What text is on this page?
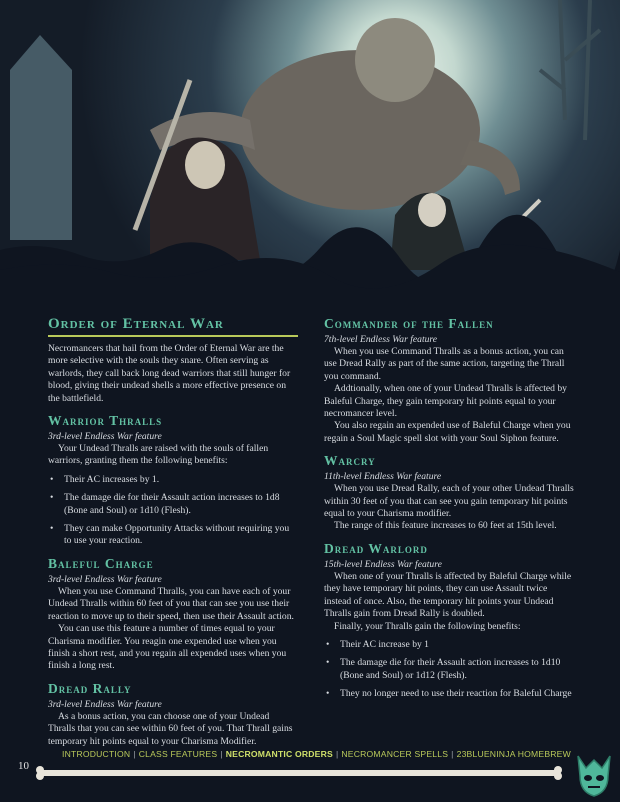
Order of Eternal War

Necromancers that hail from the Order of Eternal War are the more selective with the souls they snare. Often serving as warlords, they call back long dead warriors that still hunger for blood, giving their undead shells a more effective presence on the battlefield.

Warrior Thralls

3rd-level Endless War feature

Your Undead Thralls are raised with the souls of fallen warriors, granting them the following benefits:

• Their AC increases by 1.
• The damage die for their Assault action increases to 1d8 (Bone and Soul) or 1d10 (Flesh).
• They can make Opportunity Attacks without requiring you to use your reaction.
Baleful Charge

3rd-level Endless War feature

When you use Command Thralls, you can have each of your Undead Thralls within 60 feet of you that can see you use their reaction to move up to their speed, then use their Assault action.

You can use this feature a number of times equal to your Charisma modifier. You reagin one expended use when you finish a short rest, and you regain all expended uses when you finish a long rest.

Dread Rally

3rd-level Endless War feature

As a bonus action, you can choose one of your Undead Thralls that you can see within 60 feet of you. That Thrall gains temporary hit points equal to your Charisma Modifier.

Commander of the Fallen

7th-level Endless War feature

When you use Command Thralls as a bonus action, you can use Dread Rally as part of the same action, targeting the Thrall you command.

Addtionally, when one of your Undead Thralls is affected by Baleful Charge, they gain temporary hit points equal to your necromancer level.

You also regain an expended use of Baleful Charge when you regain a Soul Magic spell slot with your Soul Siphon feature.

Warcry

11th-level Endless War feature

When you use Dread Rally, each of your other Undead Thralls within 30 feet of you that can see you gain temporary hit points equal to your Charisma modifier.

The range of this feature increases to 60 feet at 15th level.

Dread Warlord

15th-level Endless War feature

When one of your Thralls is affected by Baleful Charge while they have temporary hit points, they can use Assault twice instead of once. Also, the temporary hit points your Undead Thralls gain from Dread Rally is doubled.

Finally, your Thralls gain the following benefits:

• Their AC increase by 1
• The damage die for their Assault action increases to 1d10 (Bone and Soul) or 1d12 (Flesh).
• They no longer need to use their reaction for Baleful Charge
INTRODUCTION | CLASS FEATURES | NECROMANTIC ORDERS | NECROMANCER SPELLS | 23BLUENINJA HOMEBREW
10
